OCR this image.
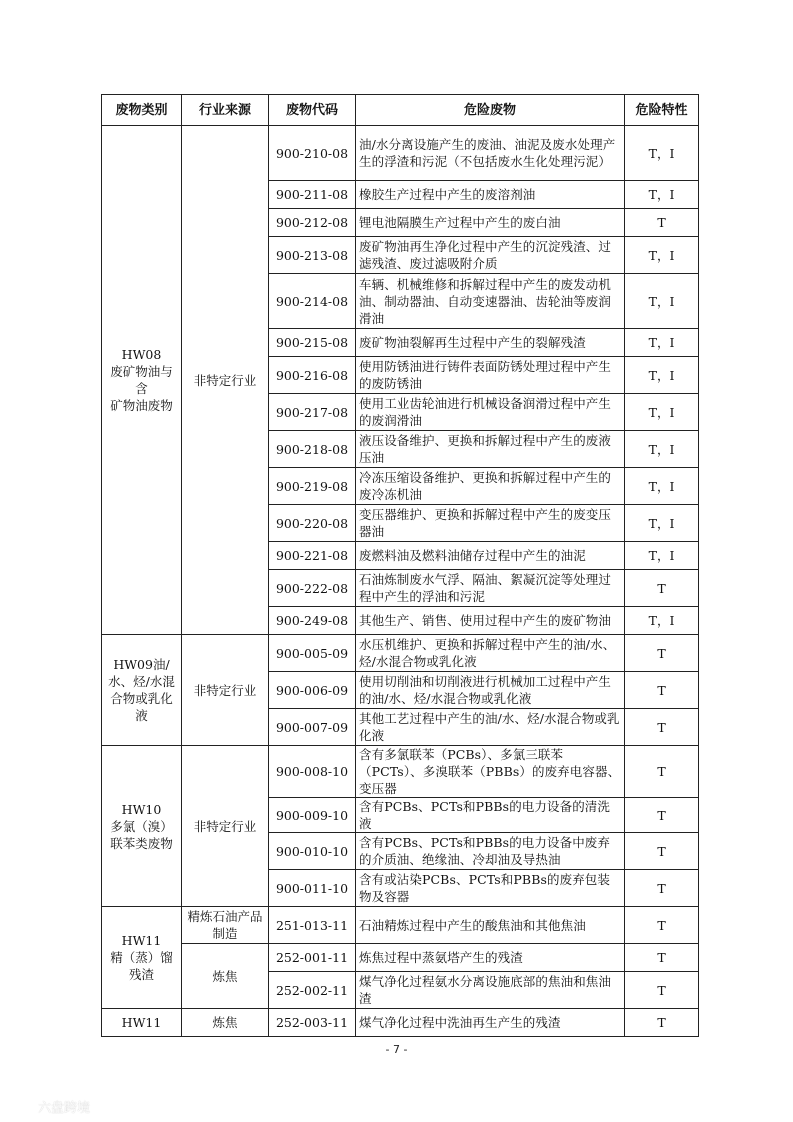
废物类别	行业来源	废物代码	危险废物	危险特性
HW08
废矿物油与含
矿物油废物	非特定行业	900-210-08	油/水分离设施产生的废油、油泥及废水处理产生的浮渣和污泥（不包括废水生化处理污泥）	T，I
		900-211-08	橡胶生产过程中产生的废溶剂油	T，I
		900-212-08	锂电池隔膜生产过程中产生的废白油	T
		900-213-08	废矿物油再生净化过程中产生的沉淀残渣、过滤残渣、废过滤吸附介质	T，I
		900-214-08	车辆、机械维修和拆解过程中产生的废发动机油、制动器油、自动变速器油、齿轮油等废润滑油	T，I
		900-215-08	废矿物油裂解再生过程中产生的裂解残渣	T，I
		900-216-08	使用防锈油进行铸件表面防锈处理过程中产生的废防锈油	T，I
		900-217-08	使用工业齿轮油进行机械设备润滑过程中产生的废润滑油	T，I
		900-218-08	液压设备维护、更换和拆解过程中产生的废液压油	T，I
		900-219-08	冷冻压缩设备维护、更换和拆解过程中产生的废冷冻机油	T，I
		900-220-08	变压器维护、更换和拆解过程中产生的废变压器油	T，I
		900-221-08	废燃料油及燃料油储存过程中产生的油泥	T，I
		900-222-08	石油炼制废水气浮、隔油、絮凝沉淀等处理过程中产生的浮油和污泥	T
		900-249-08	其他生产、销售、使用过程中产生的废矿物油	T，I
HW09油/水、烃/水混合物或乳化液	非特定行业	900-005-09	水压机维护、更换和拆解过程中产生的油/水、烃/水混合物或乳化液	T
		900-006-09	使用切削油和切削液进行机械加工过程中产生的油/水、烃/水混合物或乳化液	T
		900-007-09	其他工艺过程中产生的油/水、烃/水混合物或乳化液	T
HW10
多氯（溴）
联苯类废物	非特定行业	900-008-10	含有多氯联苯（PCBs）、多氯三联苯（PCTs）、多溴联苯（PBBs）的废弃电容器、变压器	T
		900-009-10	含有PCBs、PCTs和PBBs的电力设备的清洗液	T
		900-010-10	含有PCBs、PCTs和PBBs的电力设备中废弃的介质油、绝缘油、冷却油及导热油	T
		900-011-10	含有或沾染PCBs、PCTs和PBBs的废弃包装物及容器	T
HW11
精（蒸）馏
残渣	精炼石油产品制造	251-013-11	石油精炼过程中产生的酸焦油和其他焦油	T
	炼焦	252-001-11	炼焦过程中蒸氨塔产生的残渣	T
		252-002-11	煤气净化过程氨水分离设施底部的焦油和焦油渣	T
HW11	炼焦	252-003-11	煤气净化过程中洗油再生产生的残渣	T
- 7 -
六盘跨境
